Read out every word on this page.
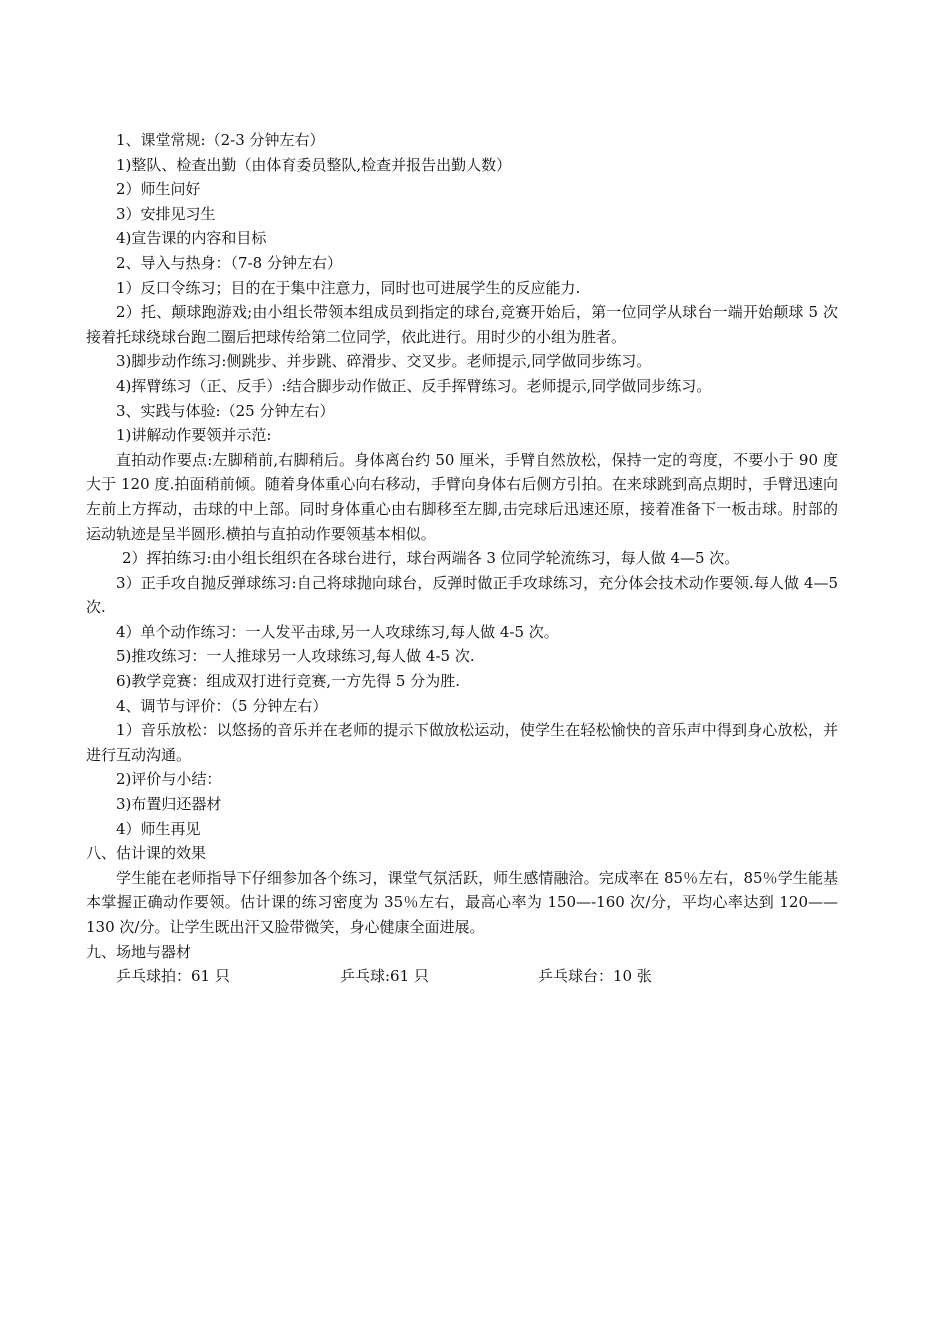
1、课堂常规:（2-3 分钟左右）
1)整队、检查出勤（由体育委员整队,检查并报告出勤人数）
2）师生问好
3）安排见习生
4)宣告课的内容和目标
2、导入与热身：（7-8 分钟左右）
1）反口令练习；目的在于集中注意力，同时也可进展学生的反应能力.
2）托、颠球跑游戏;由小组长带领本组成员到指定的球台,竞赛开始后，第一位同学从球台一端开始颠球 5 次接着托球绕球台跑二圈后把球传给第二位同学，依此进行。用时少的小组为胜者。
3)脚步动作练习:侧跳步、并步跳、碎滑步、交叉步。老师提示,同学做同步练习。
4)挥臂练习（正、反手）:结合脚步动作做正、反手挥臂练习。老师提示,同学做同步练习。
3、实践与体验:（25 分钟左右）
1)讲解动作要领并示范:
直拍动作要点:左脚稍前,右脚稍后。身体离台约 50 厘米，手臂自然放松，保持一定的弯度，不要小于 90 度大于 120 度.拍面稍前倾。随着身体重心向右移动，手臂向身体右后侧方引拍。在来球跳到高点期时，手臂迅速向左前上方挥动，击球的中上部。同时身体重心由右脚移至左脚,击完球后迅速还原，接着准备下一板击球。肘部的运动轨迹是呈半圆形.横拍与直拍动作要领基本相似。
2）挥拍练习:由小组长组织在各球台进行，球台两端各 3 位同学轮流练习，每人做 4—5 次。
3）正手攻自抛反弹球练习:自己将球抛向球台，反弹时做正手攻球练习，充分体会技术动作要领.每人做 4—5 次.
4）单个动作练习：一人发平击球,另一人攻球练习,每人做 4-5 次。
5)推攻练习：一人推球另一人攻球练习,每人做 4-5 次.
6)教学竞赛：组成双打进行竞赛,一方先得 5 分为胜.
4、调节与评价：（5 分钟左右）
1）音乐放松：以悠扬的音乐并在老师的提示下做放松运动，使学生在轻松愉快的音乐声中得到身心放松，并进行互动沟通。
2)评价与小结：
3)布置归还器材
4）师生再见
八、估计课的效果
学生能在老师指导下仔细参加各个练习，课堂气氛活跃，师生感情融洽。完成率在 85％左右，85％学生能基本掌握正确动作要领。估计课的练习密度为 35％左右，最高心率为 150—-160 次/分，平均心率达到 120——130 次/分。让学生既出汗又脸带微笑，身心健康全面进展。
九、场地与器材
乒乓球拍：61 只	乒乓球:61 只	乒乓球台：10 张
